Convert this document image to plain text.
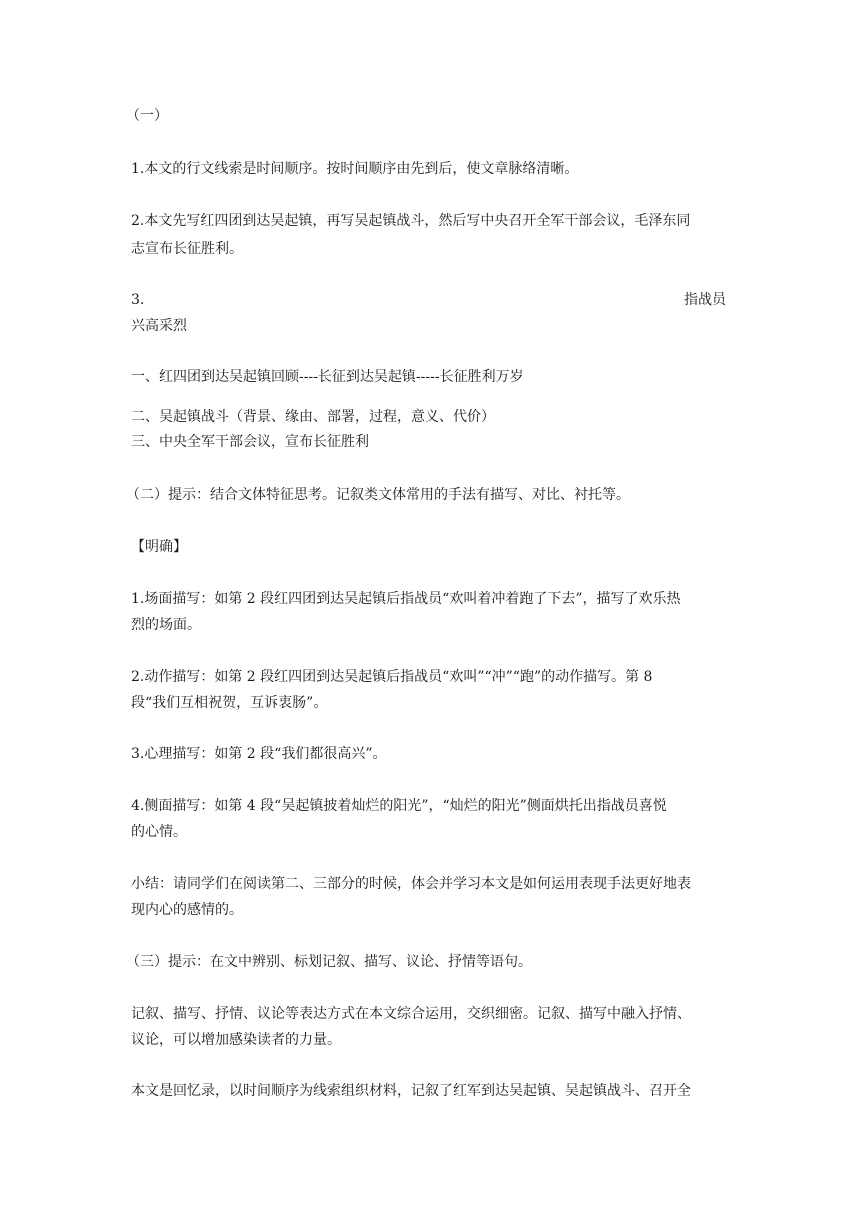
（一）
1.本文的行文线索是时间顺序。按时间顺序由先到后，使文章脉络清晰。
2.本文先写红四团到达吴起镇，再写吴起镇战斗，然后写中央召开全军干部会议，毛泽东同
志宣布长征胜利。
3.	指战员
兴高采烈
一、红四团到达吴起镇回顾----长征到达吴起镇-----长征胜利万岁
二、吴起镇战斗（背景、缘由、部署，过程，意义、代价）
三、中央全军干部会议，宣布长征胜利
（二）提示：结合文体特征思考。记叙类文体常用的手法有描写、对比、衬托等。
【明确】
1.场面描写：如第 2 段红四团到达吴起镇后指战员“欢叫着冲着跑了下去”，描写了欢乐热
烈的场面。
2.动作描写：如第 2 段红四团到达吴起镇后指战员“欢叫”“冲”“跑”的动作描写。第 8
段“我们互相祝贺，互诉衷肠”。
3.心理描写：如第 2 段“我们都很高兴”。
4.侧面描写：如第 4 段“吴起镇披着灿烂的阳光”，“灿烂的阳光”侧面烘托出指战员喜悦
的心情。
小结：请同学们在阅读第二、三部分的时候，体会并学习本文是如何运用表现手法更好地表
现内心的感情的。
（三）提示：在文中辨别、标划记叙、描写、议论、抒情等语句。
记叙、描写、抒情、议论等表达方式在本文综合运用，交织细密。记叙、描写中融入抒情、
议论，可以增加感染读者的力量。
本文是回忆录，以时间顺序为线索组织材料，记叙了红军到达吴起镇、吴起镇战斗、召开全
